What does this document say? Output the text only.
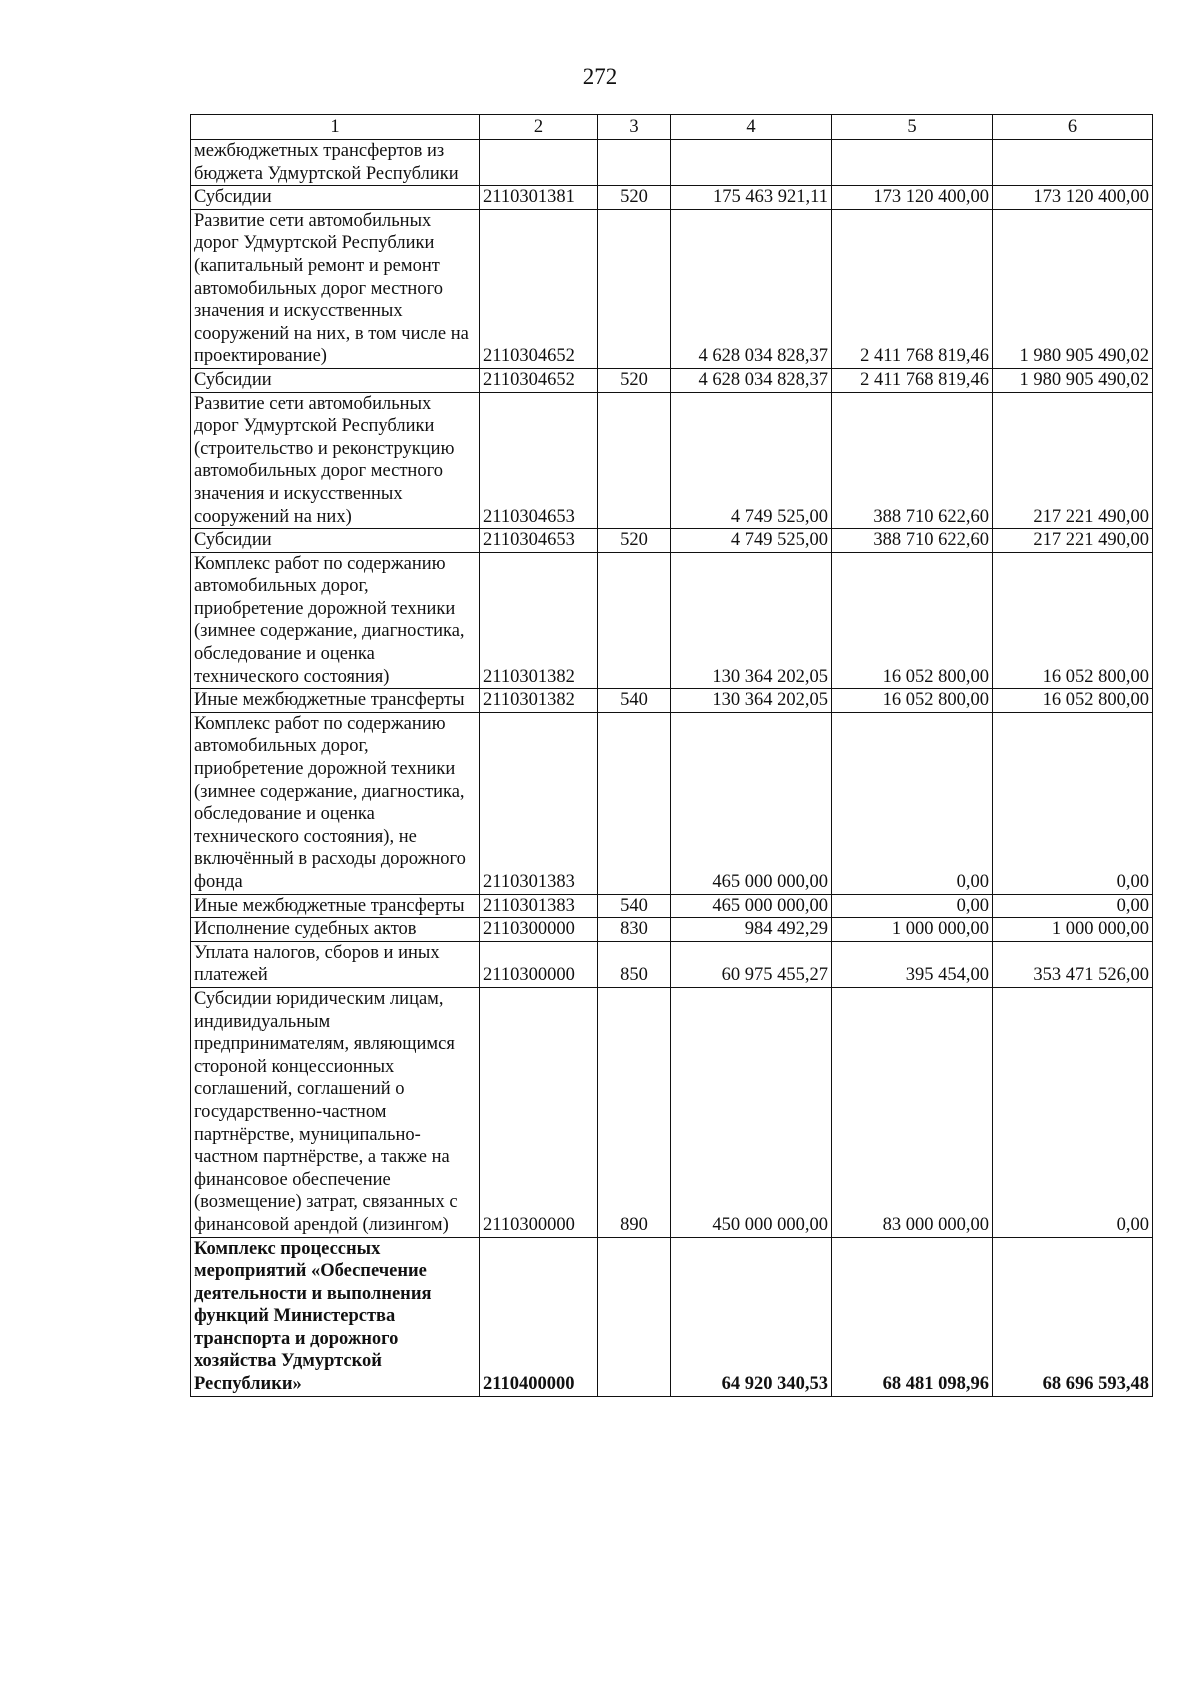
272
1	2	3	4	5	6
межбюджетных трансфертов из бюджета Удмуртской Республики					
Субсидии	2110301381	520	175 463 921,11	173 120 400,00	173 120 400,00
Развитие сети автомобильных дорог Удмуртской Республики (капитальный ремонт и ремонт автомобильных дорог местного значения и искусственных сооружений на них, в том числе на проектирование)	2110304652		4 628 034 828,37	2 411 768 819,46	1 980 905 490,02
Субсидии	2110304652	520	4 628 034 828,37	2 411 768 819,46	1 980 905 490,02
Развитие сети автомобильных дорог Удмуртской Республики (строительство и реконструкцию автомобильных дорог местного значения и искусственных сооружений на них)	2110304653		4 749 525,00	388 710 622,60	217 221 490,00
Субсидии	2110304653	520	4 749 525,00	388 710 622,60	217 221 490,00
Комплекс работ по содержанию автомобильных дорог, приобретение дорожной техники (зимнее содержание, диагностика, обследование и оценка технического состояния)	2110301382		130 364 202,05	16 052 800,00	16 052 800,00
Иные межбюджетные трансферты	2110301382	540	130 364 202,05	16 052 800,00	16 052 800,00
Комплекс работ по содержанию автомобильных дорог, приобретение дорожной техники (зимнее содержание, диагностика, обследование и оценка технического состояния), не включённый в расходы дорожного фонда	2110301383		465 000 000,00	0,00	0,00
Иные межбюджетные трансферты	2110301383	540	465 000 000,00	0,00	0,00
Исполнение судебных актов	2110300000	830	984 492,29	1 000 000,00	1 000 000,00
Уплата налогов, сборов и иных платежей	2110300000	850	60 975 455,27	395 454,00	353 471 526,00
Субсидии юридическим лицам, индивидуальным предпринимателям, являющимся стороной концессионных соглашений, соглашений о государственно-частном партнёрстве, муниципально-частном партнёрстве, а также на финансовое обеспечение (возмещение) затрат, связанных с финансовой арендой (лизингом)	2110300000	890	450 000 000,00	83 000 000,00	0,00
Комплекс процессных мероприятий «Обеспечение деятельности и выполнения функций Министерства транспорта и дорожного хозяйства Удмуртской Республики»	2110400000		64 920 340,53	68 481 098,96	68 696 593,48
